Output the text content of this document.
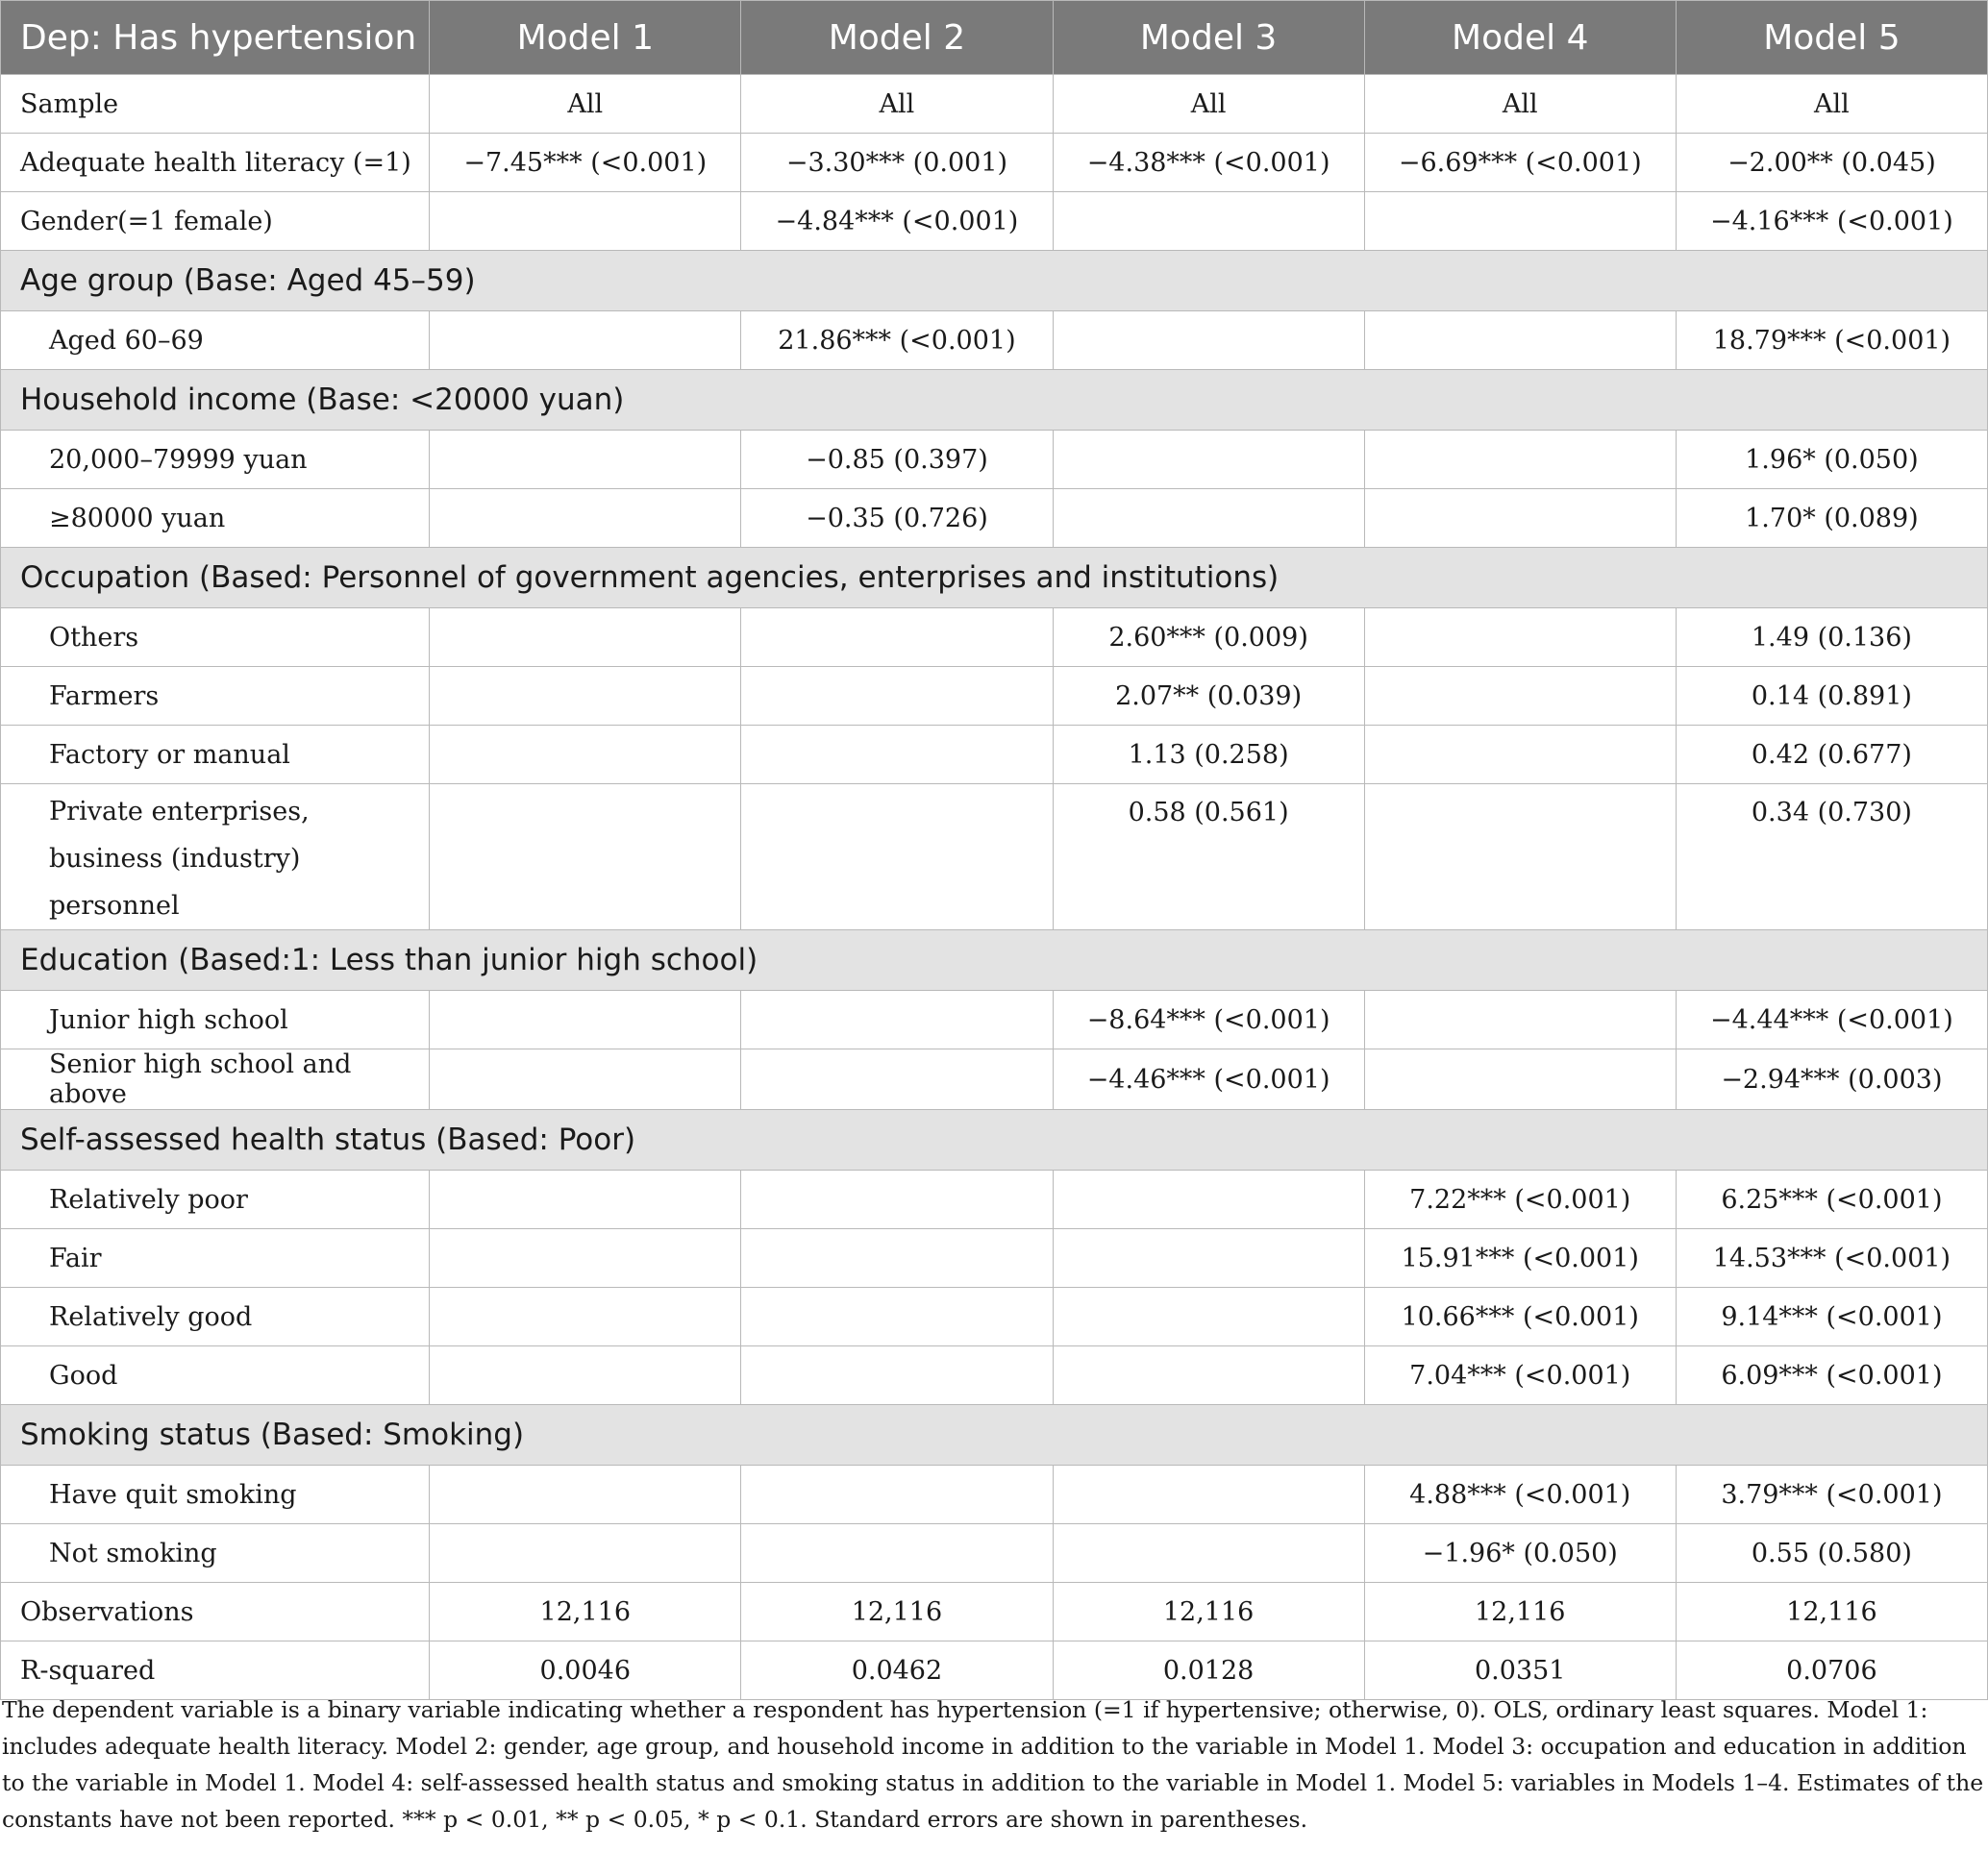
Dep: Has hypertension	Model 1	Model 2	Model 3	Model 4	Model 5
Sample	All	All	All	All	All
Adequate health literacy (=1)	−7.45*** (<0.001)	−3.30*** (0.001)	−4.38*** (<0.001)	−6.69*** (<0.001)	−2.00** (0.045)
Gender(=1 female)		−4.84*** (<0.001)			−4.16*** (<0.001)
Age group (Base: Aged 45–59)					
Aged 60–69		21.86*** (<0.001)			18.79*** (<0.001)
Household income (Base: <20000 yuan)					
20,000–79999 yuan		−0.85 (0.397)			1.96* (0.050)
≥80000 yuan		−0.35 (0.726)			1.70* (0.089)
Occupation (Based: Personnel of government agencies, enterprises and institutions)					
Others			2.60*** (0.009)		1.49 (0.136)
Farmers			2.07** (0.039)		0.14 (0.891)
Factory or manual			1.13 (0.258)		0.42 (0.677)
Private enterprises, business (industry) personnel			0.58 (0.561)		0.34 (0.730)
Education (Based:1: Less than junior high school)					
Junior high school			−8.64*** (<0.001)		−4.44*** (<0.001)
Senior high school and above			−4.46*** (<0.001)		−2.94*** (0.003)
Self-assessed health status (Based: Poor)					
Relatively poor				7.22*** (<0.001)	6.25*** (<0.001)
Fair				15.91*** (<0.001)	14.53*** (<0.001)
Relatively good				10.66*** (<0.001)	9.14*** (<0.001)
Good				7.04*** (<0.001)	6.09*** (<0.001)
Smoking status (Based: Smoking)					
Have quit smoking				4.88*** (<0.001)	3.79*** (<0.001)
Not smoking				−1.96* (0.050)	0.55 (0.580)
Observations	12,116	12,116	12,116	12,116	12,116
R-squared	0.0046	0.0462	0.0128	0.0351	0.0706
The dependent variable is a binary variable indicating whether a respondent has hypertension (=1 if hypertensive; otherwise, 0). OLS, ordinary least squares. Model 1: includes adequate health literacy. Model 2: gender, age group, and household income in addition to the variable in Model 1. Model 3: occupation and education in addition to the variable in Model 1. Model 4: self-assessed health status and smoking status in addition to the variable in Model 1. Model 5: variables in Models 1–4. Estimates of the constants have not been reported. *** p < 0.01, ** p < 0.05, * p < 0.1. Standard errors are shown in parentheses.
